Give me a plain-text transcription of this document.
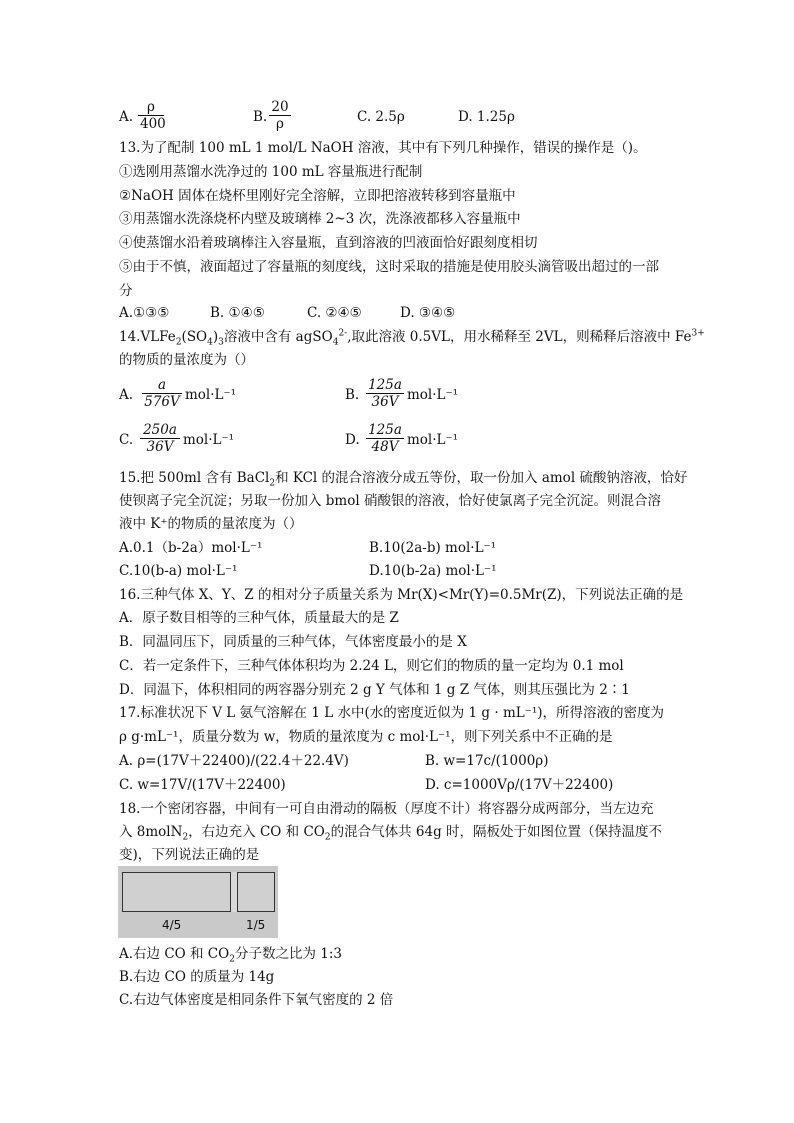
A. $\frac{\rho}{400}$	B. $\frac{20}{\rho}$	C. 2.5ρ	D. 1.25ρ
13.为了配制 100 mL 1 mol/L NaOH 溶液，其中有下列几种操作，错误的操作是（)。
①选刚用蒸馏水洗净过的 100 mL 容量瓶进行配制
②NaOH 固体在烧杯里刚好完全溶解，立即把溶液转移到容量瓶中
③用蒸馏水洗涤烧杯内壁及玻璃棒 2~3 次，洗涤液都移入容量瓶中
④使蒸馏水沿着玻璃棒注入容量瓶，直到溶液的凹液面恰好跟刻度相切
⑤由于不慎，液面超过了容量瓶的刻度线，这时采取的措施是使用胶头滴管吸出超过的一部
分
A.①③⑤	B. ①④⑤	C. ②④⑤	D. ③④⑤
$14.VLFe_2(SO_4)_3$溶液中含有 agSO$_4^{2-}$,取此溶液 0.5VL，用水稀释至 2VL，则稀释后溶液中 $Fe^{3+}$
的物质的量浓度为（）
A. $\frac{a}{576V} mol\cdot L^{-1}$	B. $\frac{125a}{36V} mol\cdot L^{-1}$
C. $\frac{250a}{36V} mol\cdot L^{-1}$	D. $\frac{125a}{48V} mol\cdot L^{-1}$
15.把 500ml 含有 BaCl$_2$和 KCl 的混合溶液分成五等份，取一份加入 amol 硫酸钠溶液，恰好
使钡离子完全沉淀；另取一份加入 bmol 硝酸银的溶液，恰好使氯离子完全沉淀。则混合溶
液中 K⁺的物质的量浓度为（）
A.0.1（b-2a）mol·L⁻¹	B.10(2a-b) mol·L⁻¹
C.10(b-a) mol·L⁻¹	D.10(b-2a) mol·L⁻¹
16.三种气体 X、Y、Z 的相对分子质量关系为 Mr(X)<Mr(Y)=0.5Mr(Z)，下列说法正确的是
A．原子数目相等的三种气体，质量最大的是 Z
B．同温同压下，同质量的三种气体，气体密度最小的是 X
C．若一定条件下，三种气体体积均为 2.24 L，则它们的物质的量一定均为 0.1 mol
D．同温下，体积相同的两容器分别充 2 g Y 气体和 1 g Z 气体，则其压强比为 2∶1
17.标准状况下 V L 氨气溶解在 1 L 水中(水的密度近似为 1 g · mL⁻¹)，所得溶液的密度为
ρ g·mL⁻¹，质量分数为 w，物质的量浓度为 c mol·L⁻¹，则下列关系中不正确的是
A. ρ=(17V＋22400)/(22.4＋22.4V)	B. w=17c/(1000ρ)
C. w=17V/(17V＋22400)	D. c=1000Vρ/(17V＋22400)
18.一个密闭容器，中间有一可自由滑动的隔板（厚度不计）将容器分成两部分，当左边充
入 8molN$_2$，右边充入 CO 和 $CO_2$的混合气体共 64g 时，隔板处于如图位置（保持温度不
变)，下列说法正确的是
4/5	1/5
A.右边 CO 和 $CO_2$分子数之比为 1:3
B.右边 CO 的质量为 14g
C.右边气体密度是相同条件下氧气密度的 2 倍
